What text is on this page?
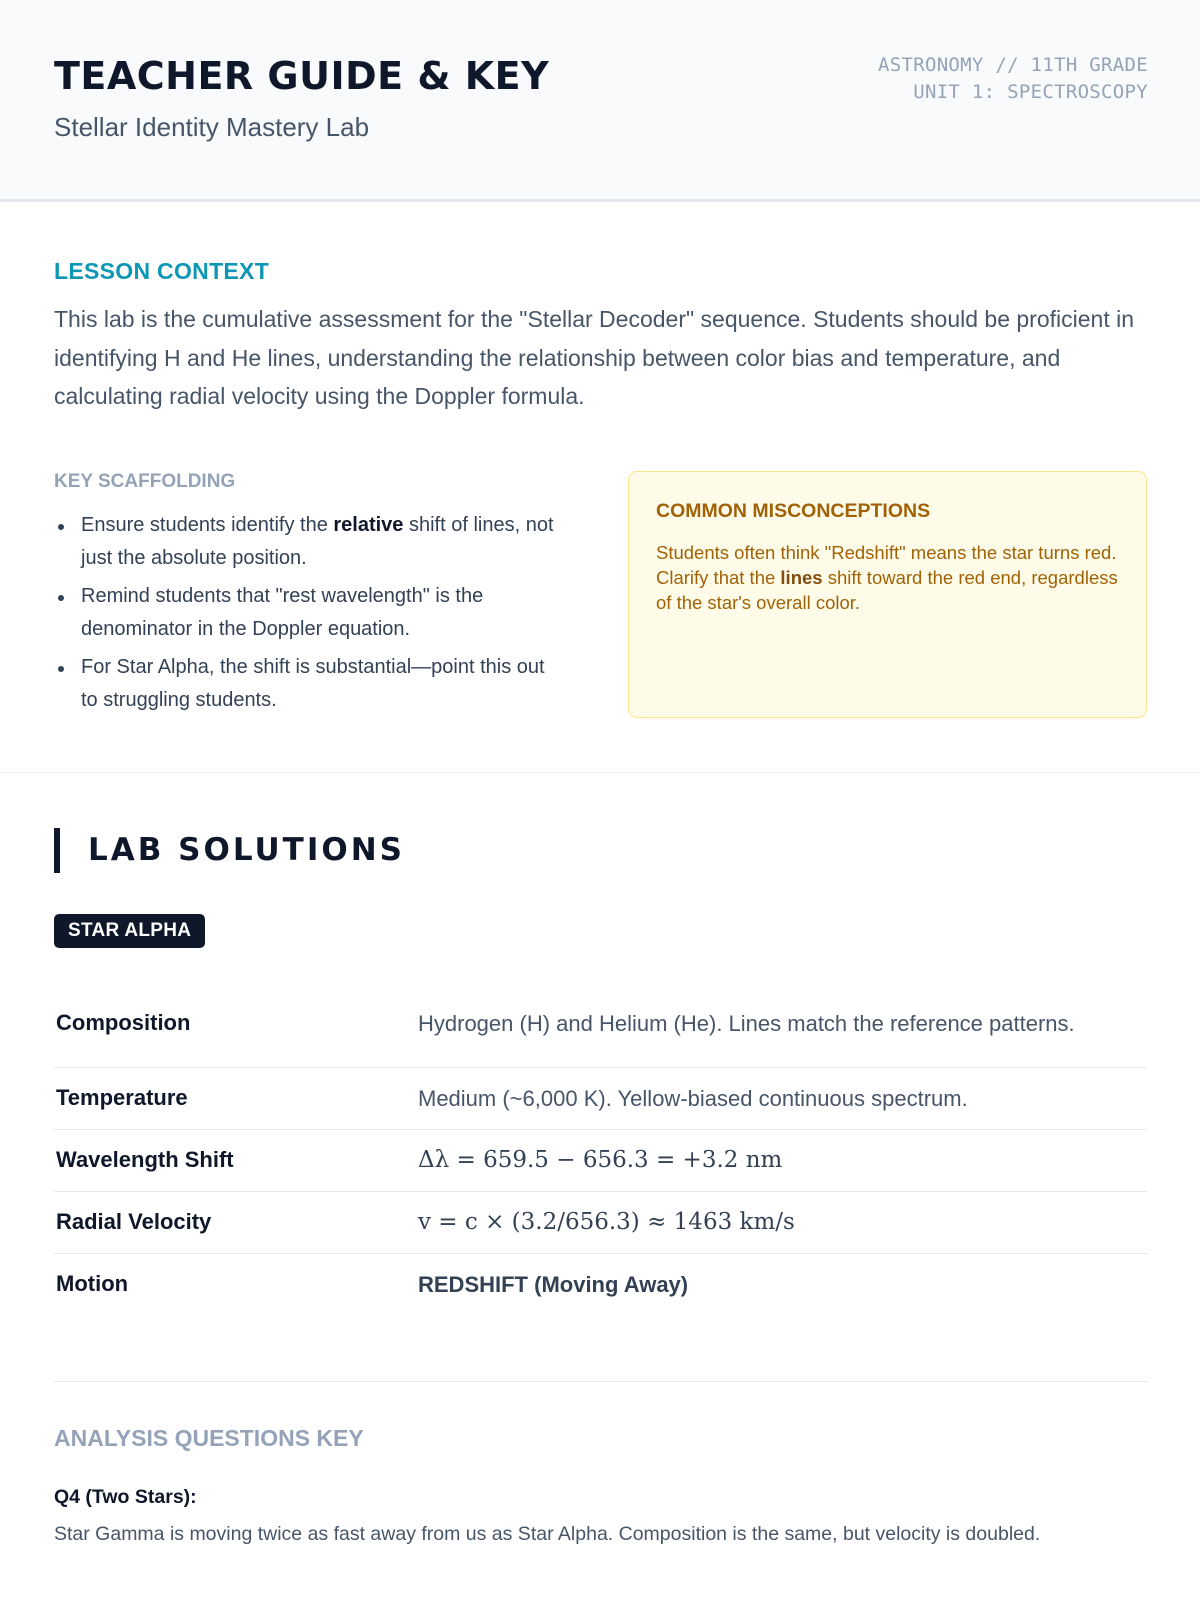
TEACHER GUIDE & KEY
Stellar Identity Mastery Lab
ASTRONOMY // 11TH GRADE
UNIT 1: SPECTROSCOPY
LESSON CONTEXT

This lab is the cumulative assessment for the "Stellar Decoder" sequence. Students should be proficient in identifying H and He lines, understanding the relationship between color bias and temperature, and calculating radial velocity using the Doppler formula.

KEY SCAFFOLDING
Ensure students identify the relative shift of lines, not just the absolute position.
Remind students that "rest wavelength" is the denominator in the Doppler equation.
For Star Alpha, the shift is substantial—point this out to struggling students.
COMMON MISCONCEPTIONS

Students often think "Redshift" means the star turns red. Clarify that the lines shift toward the red end, regardless of the star's overall color.

LAB SOLUTIONS
STAR ALPHA
Composition	Hydrogen (H) and Helium (He). Lines match the reference patterns.
Temperature	Medium (~6,000 K). Yellow-biased continuous spectrum.
Wavelength Shift	Δλ = 659.5 − 656.3 = +3.2 nm
Radial Velocity	v = c × (3.2/656.3) ≈ 1463 km/s
Motion	REDSHIFT (Moving Away)
ANALYSIS QUESTIONS KEY
Q4 (Two Stars):

Star Gamma is moving twice as fast away from us as Star Alpha. Composition is the same, but velocity is doubled.
